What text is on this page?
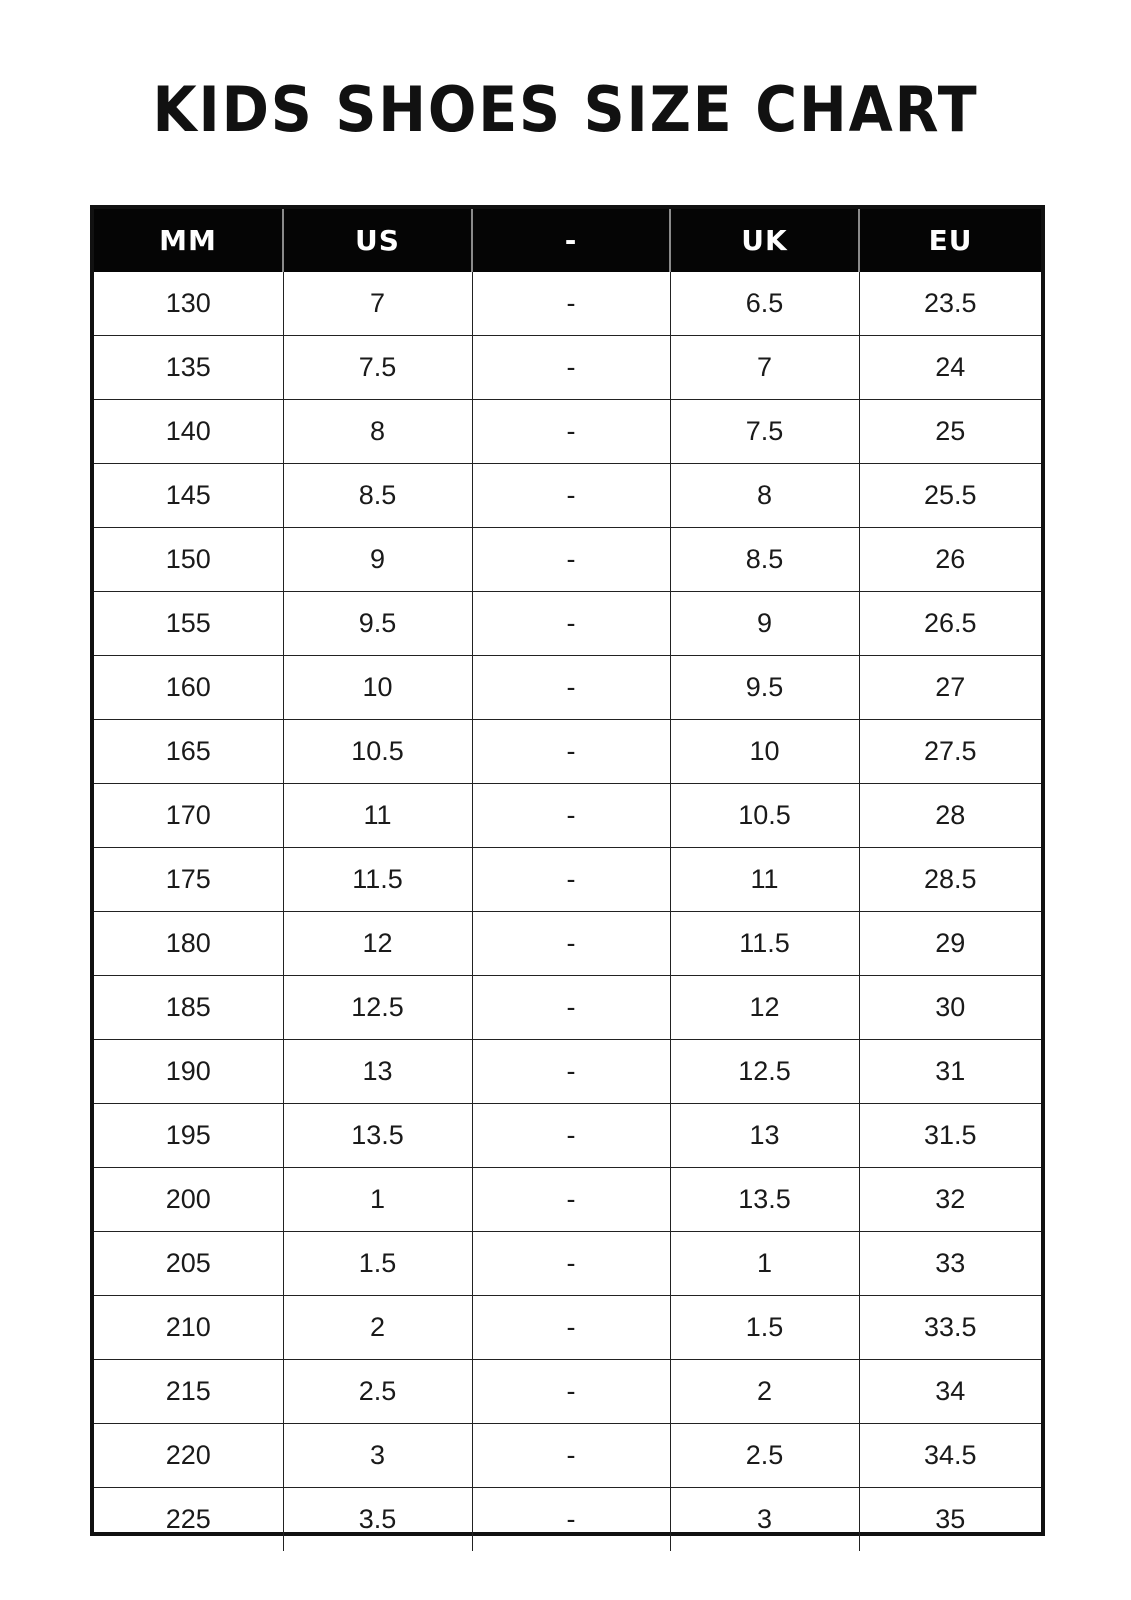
KIDS SHOES SIZE CHART
MM	US	-	UK	EU
130	7	-	6.5	23.5
135	7.5	-	7	24
140	8	-	7.5	25
145	8.5	-	8	25.5
150	9	-	8.5	26
155	9.5	-	9	26.5
160	10	-	9.5	27
165	10.5	-	10	27.5
170	11	-	10.5	28
175	11.5	-	11	28.5
180	12	-	11.5	29
185	12.5	-	12	30
190	13	-	12.5	31
195	13.5	-	13	31.5
200	1	-	13.5	32
205	1.5	-	1	33
210	2	-	1.5	33.5
215	2.5	-	2	34
220	3	-	2.5	34.5
225	3.5	-	3	35
